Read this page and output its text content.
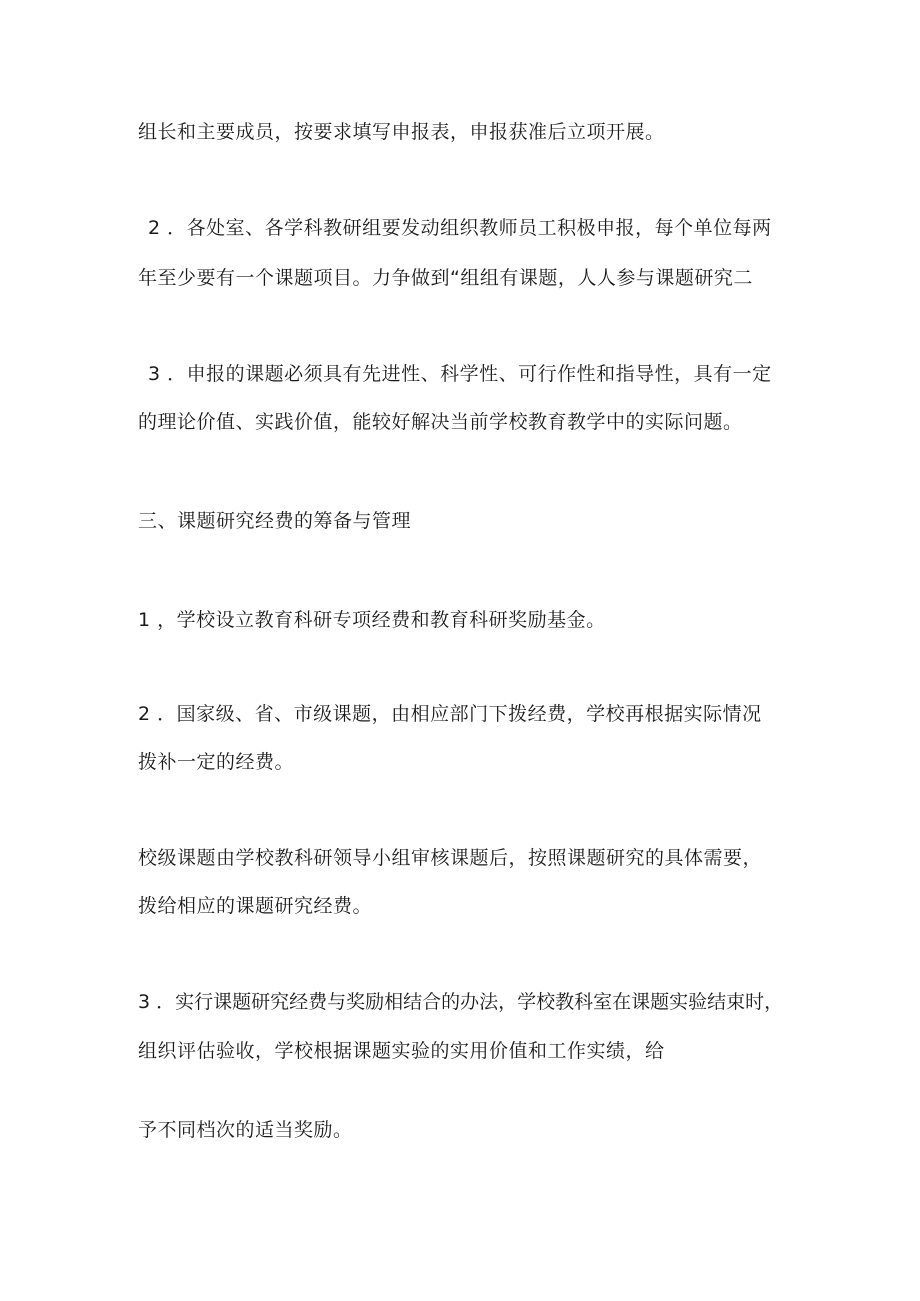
组长和主要成员，按要求填写申报表，申报获准后立项开展。
2 ．各处室、各学科教研组要发动组织教师员工积极申报，每个单位每两
年至少要有一个课题项目。力争做到“组组有课题，人人参与课题研究二
3 ．申报的课题必须具有先进性、科学性、可行作性和指导性，具有一定
的理论价值、实践价值，能较好解决当前学校教育教学中的实际问题。
三、课题研究经费的筹备与管理
1 ，学校设立教育科研专项经费和教育科研奖励基金。
2 ．国家级、省、市级课题，由相应部门下拨经费，学校再根据实际情况
拨补一定的经费。
校级课题由学校教科研领导小组审核课题后，按照课题研究的具体需要，
拨给相应的课题研究经费。
3 ．实行课题研究经费与奖励相结合的办法，学校教科室在课题实验结束时，
组织评估验收，学校根据课题实验的实用价值和工作实绩，给
予不同档次的适当奖励。
